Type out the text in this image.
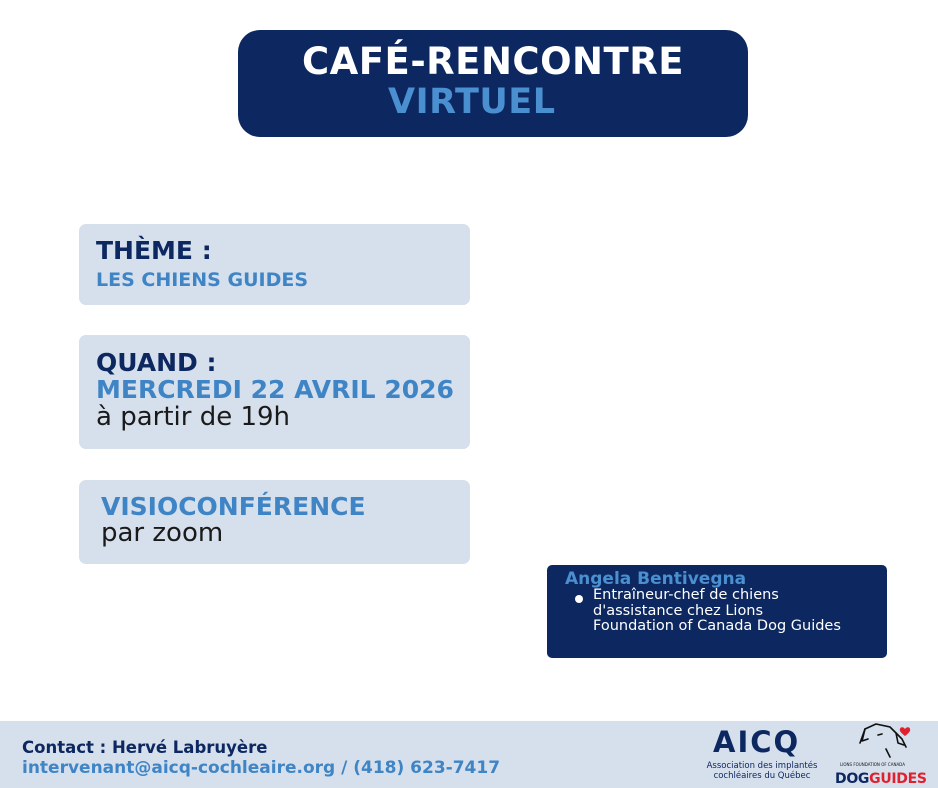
CAFÉ-RENCONTRE
VIRTUEL
THÈME :
LES CHIENS GUIDES
QUAND :
MERCREDI 22 AVRIL 2026
à partir de 19h
VISIOCONFÉRENCE
par zoom
Angela Bentivegna
Entraîneur-chef de chiens d'assistance chez Lions Foundation of Canada Dog Guides
Contact : Hervé Labruyère
intervenant@aicq-cochleaire.org / (418) 623-7417
AICQ
Association des implantés cochléaires du Québec
LIONS FOUNDATION OF CANADA
DOGGUIDES
